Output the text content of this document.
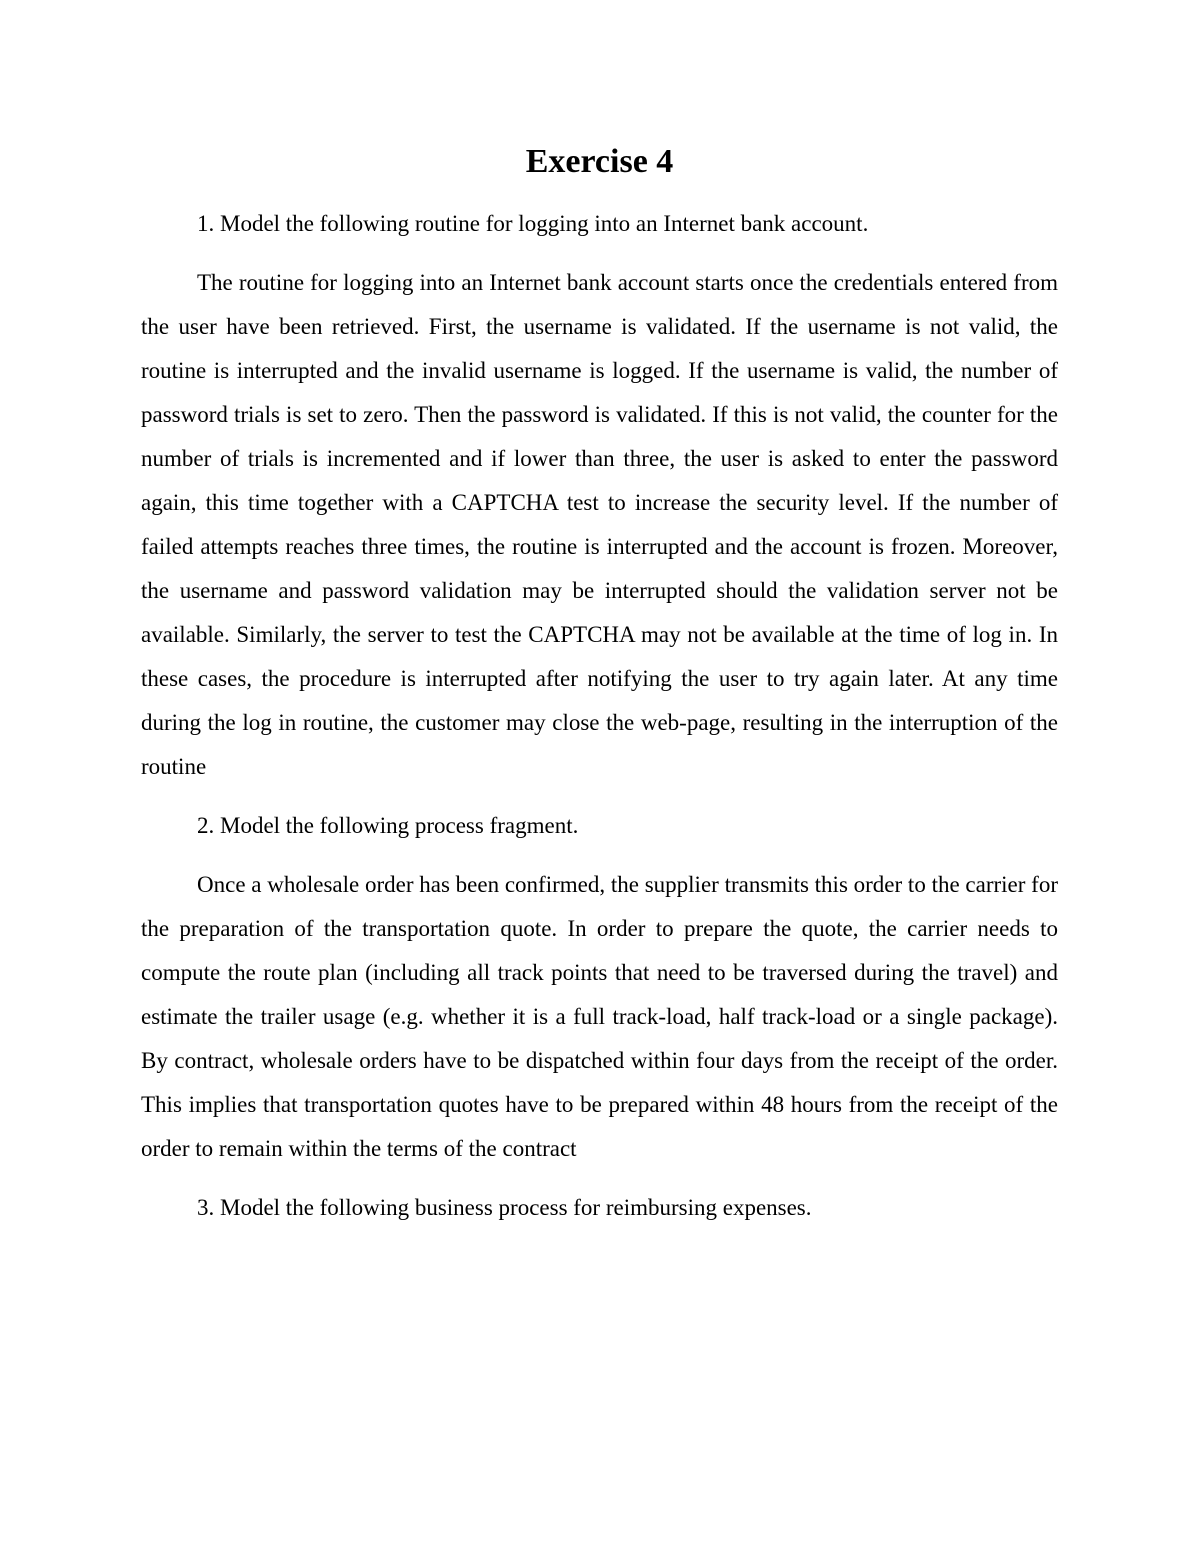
Exercise 4

1. Model the following routine for logging into an Internet bank account.

The routine for logging into an Internet bank account starts once the credentials entered from the user have been retrieved. First, the username is validated. If the username is not valid, the routine is interrupted and the invalid username is logged. If the username is valid, the number of password trials is set to zero. Then the password is validated. If this is not valid, the counter for the number of trials is incremented and if lower than three, the user is asked to enter the password again, this time together with a CAPTCHA test to increase the security level. If the number of failed attempts reaches three times, the routine is interrupted and the account is frozen. Moreover, the username and password validation may be interrupted should the validation server not be available. Similarly, the server to test the CAPTCHA may not be available at the time of log in. In these cases, the procedure is interrupted after notifying the user to try again later. At any time during the log in routine, the customer may close the web-page, resulting in the interruption of the routine

2. Model the following process fragment.

Once a wholesale order has been confirmed, the supplier transmits this order to the carrier for the preparation of the transportation quote. In order to prepare the quote, the carrier needs to compute the route plan (including all track points that need to be traversed during the travel) and estimate the trailer usage (e.g. whether it is a full track-load, half track-load or a single package). By contract, wholesale orders have to be dispatched within four days from the receipt of the order. This implies that transportation quotes have to be prepared within 48 hours from the receipt of the order to remain within the terms of the contract

3. Model the following business process for reimbursing expenses.
